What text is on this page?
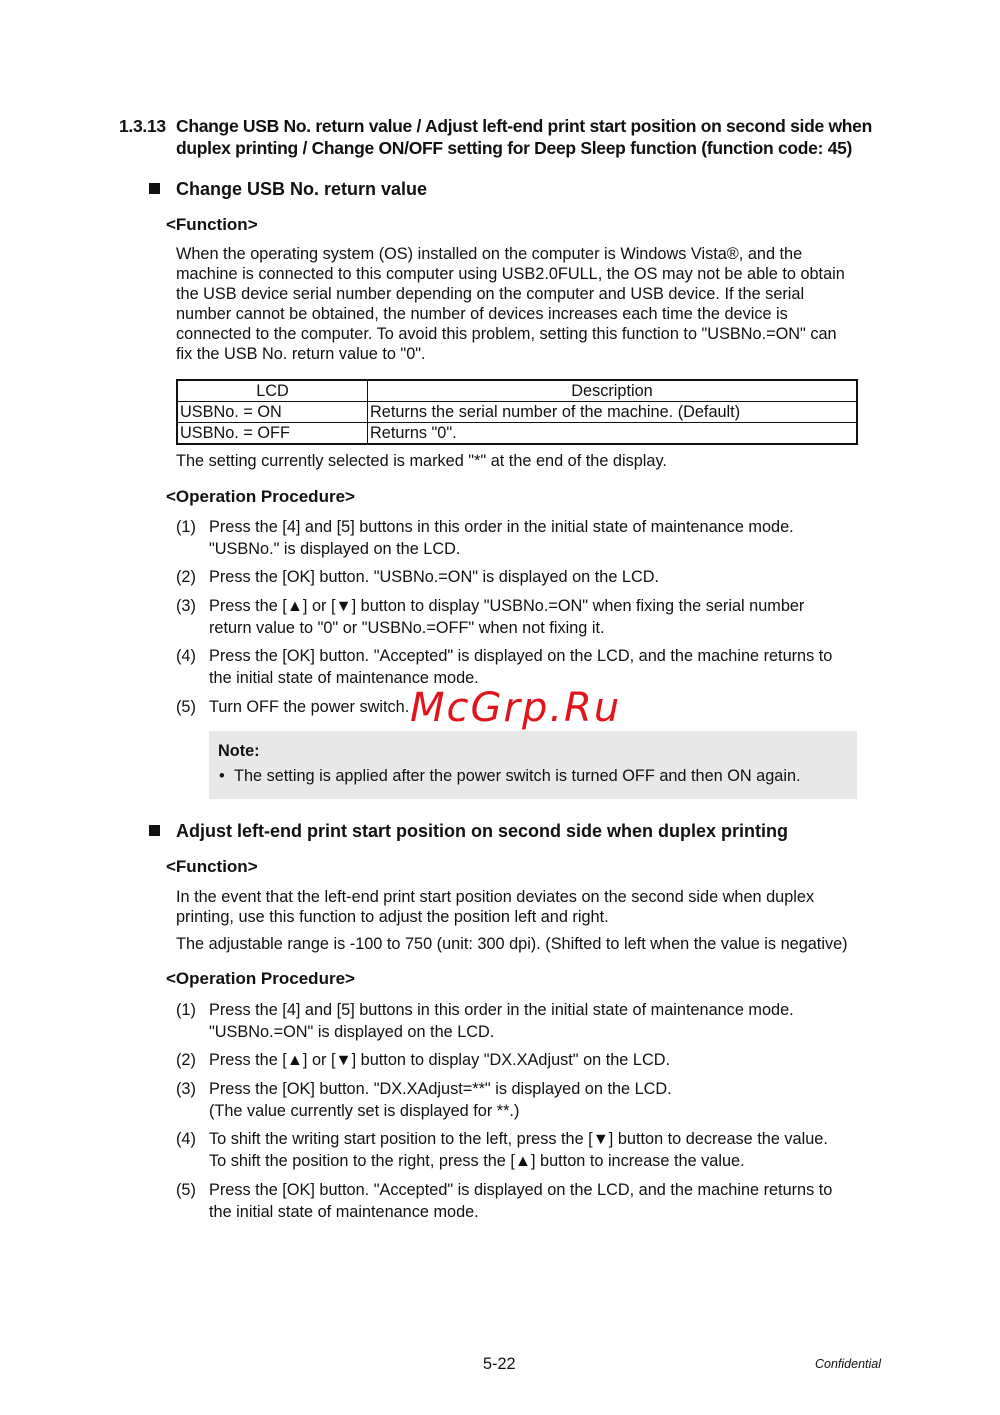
1.3.13 Change USB No. return value / Adjust left-end print start position on second side when
duplex printing / Change ON/OFF setting for Deep Sleep function (function code: 45)
Change USB No. return value
<Function>
When the operating system (OS) installed on the computer is Windows Vista®, and the
machine is connected to this computer using USB2.0FULL, the OS may not be able to obtain
the USB device serial number depending on the computer and USB device. If the serial
number cannot be obtained, the number of devices increases each time the device is
connected to the computer. To avoid this problem, setting this function to "USBNo.=ON" can
fix the USB No. return value to "0".
LCD	Description
USBNo. = ON	Returns the serial number of the machine. (Default)
USBNo. = OFF	Returns "0".
The setting currently selected is marked "*" at the end of the display.
<Operation Procedure>
(1) Press the [4] and [5] buttons in this order in the initial state of maintenance mode.
"USBNo." is displayed on the LCD.
(2) Press the [OK] button. "USBNo.=ON" is displayed on the LCD.
(3) Press the [▲] or [▼] button to display "USBNo.=ON" when fixing the serial number
return value to "0" or "USBNo.=OFF" when not fixing it.
(4) Press the [OK] button. "Accepted" is displayed on the LCD, and the machine returns to
the initial state of maintenance mode.
(5) Turn OFF the power switch. McGrp.Ru
Note:
• The setting is applied after the power switch is turned OFF and then ON again.
Adjust left-end print start position on second side when duplex printing
<Function>
In the event that the left-end print start position deviates on the second side when duplex
printing, use this function to adjust the position left and right.
The adjustable range is -100 to 750 (unit: 300 dpi). (Shifted to left when the value is negative)
<Operation Procedure>
(1) Press the [4] and [5] buttons in this order in the initial state of maintenance mode.
"USBNo.=ON" is displayed on the LCD.
(2) Press the [▲] or [▼] button to display "DX.XAdjust" on the LCD.
(3) Press the [OK] button. "DX.XAdjust=**" is displayed on the LCD.
(The value currently set is displayed for **.)
(4) To shift the writing start position to the left, press the [▼] button to decrease the value.
To shift the position to the right, press the [▲] button to increase the value.
(5) Press the [OK] button. "Accepted" is displayed on the LCD, and the machine returns to
the initial state of maintenance mode.
5-22	Confidential
